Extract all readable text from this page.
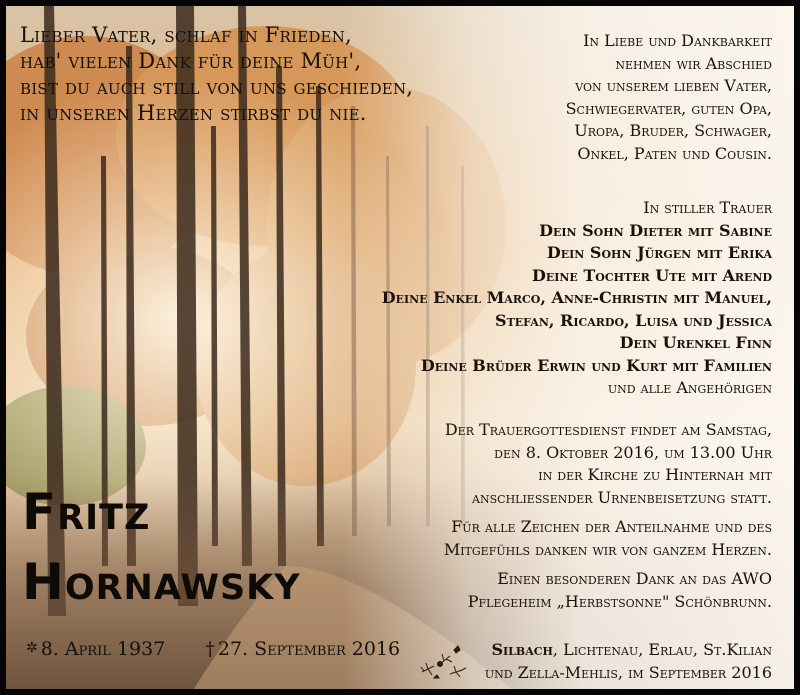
Lieber Vater, schlaf in Frieden,
hab' vielen Dank für deine Müh',
bist du auch still von uns geschieden,
in unseren Herzen stirbst du nie.
In Liebe und Dankbarkeit
nehmen wir Abschied
von unserem lieben Vater,
Schwiegervater, guten Opa,
Uropa, Bruder, Schwager,
Onkel, Paten und Cousin.
In stiller Trauer
Dein Sohn Dieter mit Sabine
Dein Sohn Jürgen mit Erika
Deine Tochter Ute mit Arend
Deine Enkel Marco, Anne-Christin mit Manuel,
Stefan, Ricardo, Luisa und Jessica
Dein Urenkel Finn
Deine Brüder Erwin und Kurt mit Familien
und alle Angehörigen
Der Trauergottesdienst findet am Samstag,
den 8. Oktober 2016, um 13.00 Uhr
in der Kirche zu Hinternah mit
anschliessender Urnenbeisetzung statt.
Für alle Zeichen der Anteilnahme und des
Mitgefühls danken wir von ganzem Herzen.
Einen besonderen Dank an das AWO
Pflegeheim „Herbstsonne" Schönbrunn.
Silbach, Lichtenau, Erlau, St.Kilian
und Zella-Mehlis, im September 2016
Fritz
Hornawsky
✲ 8. April 1937 † 27. September 2016
